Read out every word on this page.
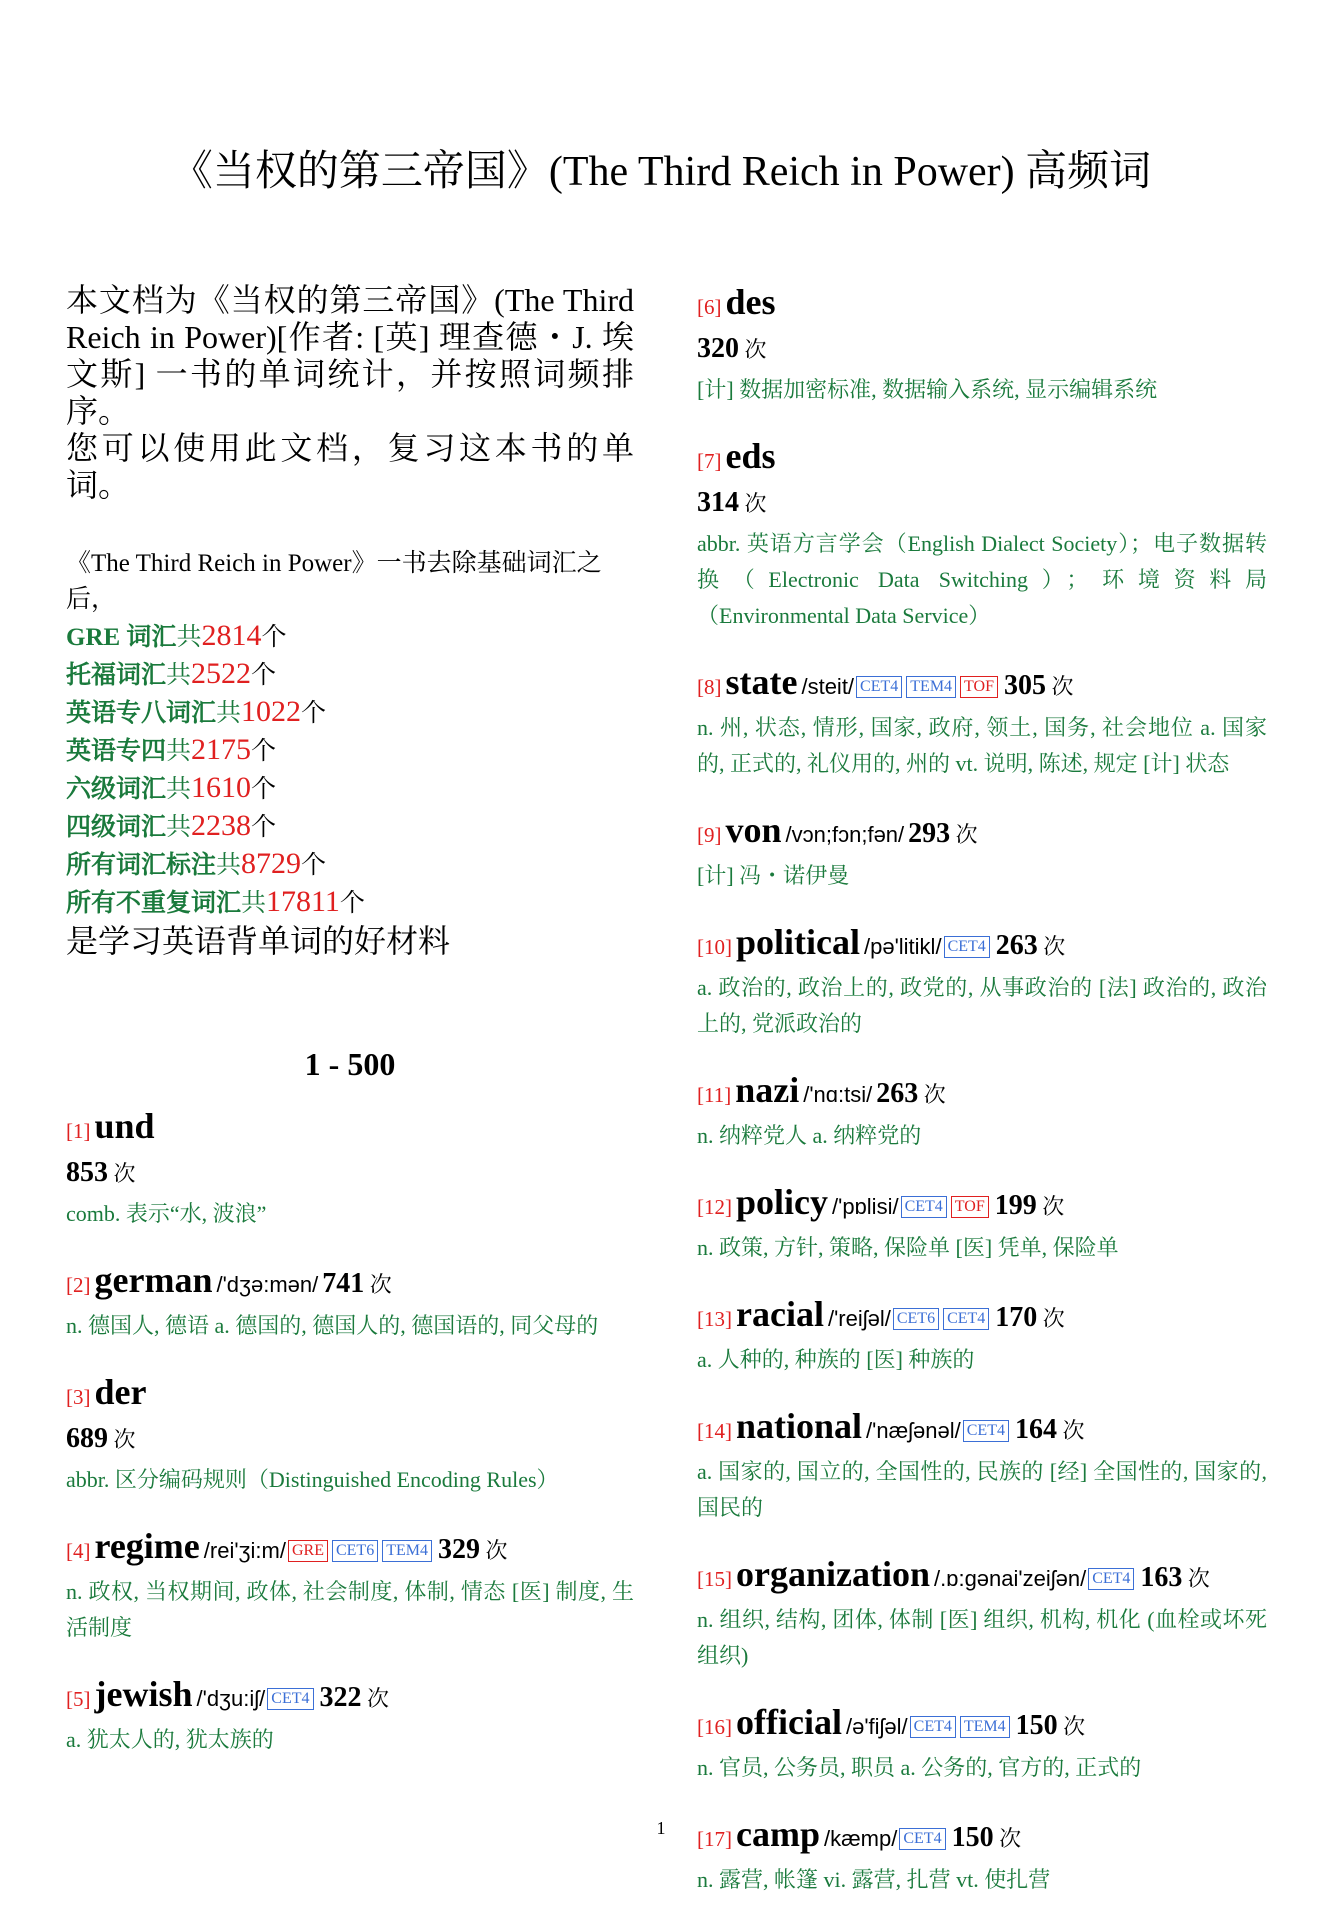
《当权的第三帝国》(The Third Reich in Power) 高频词
本文档为《当权的第三帝国》(The Third Reich in Power)[作者: [英] 理查德・J. 埃文斯] 一书的单词统计，并按照词频排序。
您可以使用此文档，复习这本书的单词。

《The Third Reich in Power》一书去除基础词汇之后，

GRE 词汇共2814个
托福词汇共2522个
英语专八词汇共1022个
英语专四共2175个
六级词汇共1610个
四级词汇共2238个
所有词汇标注共8729个
所有不重复词汇共17811个
是学习英语背单词的好材料
1 - 500
[1] und
853 次
comb. 表示“水, 波浪”
[2] german /'dʒə:mən/ 741 次
n. 德国人, 德语 a. 德国的, 德国人的, 德国语的, 同父母的
[3] der
689 次
abbr. 区分编码规则（Distinguished Encoding Rules）
[4] regime /rei'ʒi:m/ GRE CET6 TEM4 329 次
n. 政权, 当权期间, 政体, 社会制度, 体制, 情态 [医] 制度, 生活制度
[5] jewish /'dʒu:iʃ/ CET4 322 次
a. 犹太人的, 犹太族的
[6] des
320 次
[计] 数据加密标准, 数据输入系统, 显示编辑系统
[7] eds
314 次
abbr. 英语方言学会（English Dialect Society）；电子数据转换（Electronic Data Switching）；环境资料局（Environmental Data Service）
[8] state /steit/ CET4 TEM4 TOF 305 次
n. 州, 状态, 情形, 国家, 政府, 领土, 国务, 社会地位 a. 国家的, 正式的, 礼仪用的, 州的 vt. 说明, 陈述, 规定 [计] 状态
[9] von /vɔn;fɔn;fən/ 293 次
[计] 冯・诺伊曼
[10] political /pə'litikl/ CET4 263 次
a. 政治的, 政治上的, 政党的, 从事政治的 [法] 政治的, 政治上的, 党派政治的
[11] nazi /'nɑ:tsi/ 263 次
n. 纳粹党人 a. 纳粹党的
[12] policy /'pɒlisi/ CET4 TOF 199 次
n. 政策, 方针, 策略, 保险单 [医] 凭单, 保险单
[13] racial /'reiʃəl/ CET6 CET4 170 次
a. 人种的, 种族的 [医] 种族的
[14] national /'næʃənəl/ CET4 164 次
a. 国家的, 国立的, 全国性的, 民族的 [经] 全国性的, 国家的, 国民的
[15] organization /.ɒ:gənai'zeiʃən/ CET4 163 次
n. 组织, 结构, 团体, 体制 [医] 组织, 机构, 机化 (血栓或坏死组织)
[16] official /ə'fiʃəl/ CET4 TEM4 150 次
n. 官员, 公务员, 职员 a. 公务的, 官方的, 正式的
[17] camp /kæmp/ CET4 150 次
n. 露营, 帐篷 vi. 露营, 扎营 vt. 使扎营
1
